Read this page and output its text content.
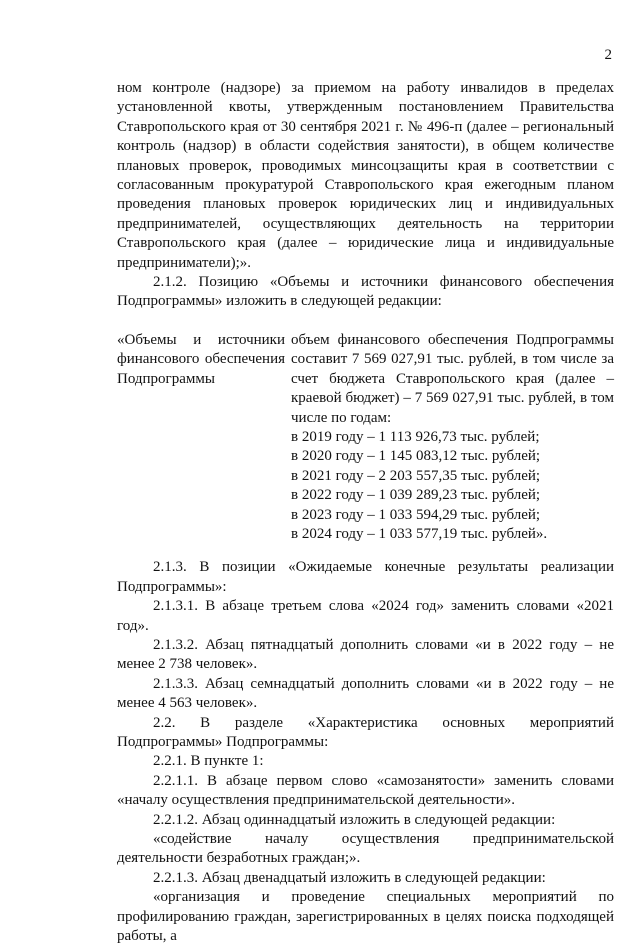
2
ном контроле (надзоре) за приемом на работу инвалидов в пределах установленной квоты, утвержденным постановлением Правительства Ставропольского края от 30 сентября 2021 г. № 496-п (далее – региональный контроль (надзор) в области содействия занятости), в общем количестве плановых проверок, проводимых минсоцзащиты края в соответствии с согласованным прокуратурой Ставропольского края ежегодным планом проведения плановых проверок юридических лиц и индивидуальных предпринимателей, осуществляющих деятельность на территории Ставропольского края (далее – юридические лица и индивидуальные предприниматели);».
2.1.2. Позицию «Объемы и источники финансового обеспечения Подпрограммы» изложить в следующей редакции:
«Объемы и источники финансового обеспечения Подпрограммы
объем финансового обеспечения Подпрограммы составит 7 569 027,91 тыс. рублей, в том числе за счет бюджета Ставропольского края (далее – краевой бюджет) – 7 569 027,91 тыс. рублей, в том числе по годам:
в 2019 году – 1 113 926,73 тыс. рублей;
в 2020 году – 1 145 083,12 тыс. рублей;
в 2021 году – 2 203 557,35 тыс. рублей;
в 2022 году – 1 039 289,23 тыс. рублей;
в 2023 году – 1 033 594,29 тыс. рублей;
в 2024 году – 1 033 577,19 тыс. рублей».
2.1.3. В позиции «Ожидаемые конечные результаты реализации Подпрограммы»:
2.1.3.1. В абзаце третьем слова «2024 год» заменить словами «2021 год».
2.1.3.2. Абзац пятнадцатый дополнить словами «и в 2022 году – не менее 2 738 человек».
2.1.3.3. Абзац семнадцатый дополнить словами «и в 2022 году – не менее 4 563 человек».
2.2. В разделе «Характеристика основных мероприятий Подпрограммы» Подпрограммы:
2.2.1. В пункте 1:
2.2.1.1. В абзаце первом слово «самозанятости» заменить словами «началу осуществления предпринимательской деятельности».
2.2.1.2. Абзац одиннадцатый изложить в следующей редакции:
«содействие началу осуществления предпринимательской деятельности безработных граждан;».
2.2.1.3. Абзац двенадцатый изложить в следующей редакции:
«организация и проведение специальных мероприятий по профилированию граждан, зарегистрированных в целях поиска подходящей работы, а
